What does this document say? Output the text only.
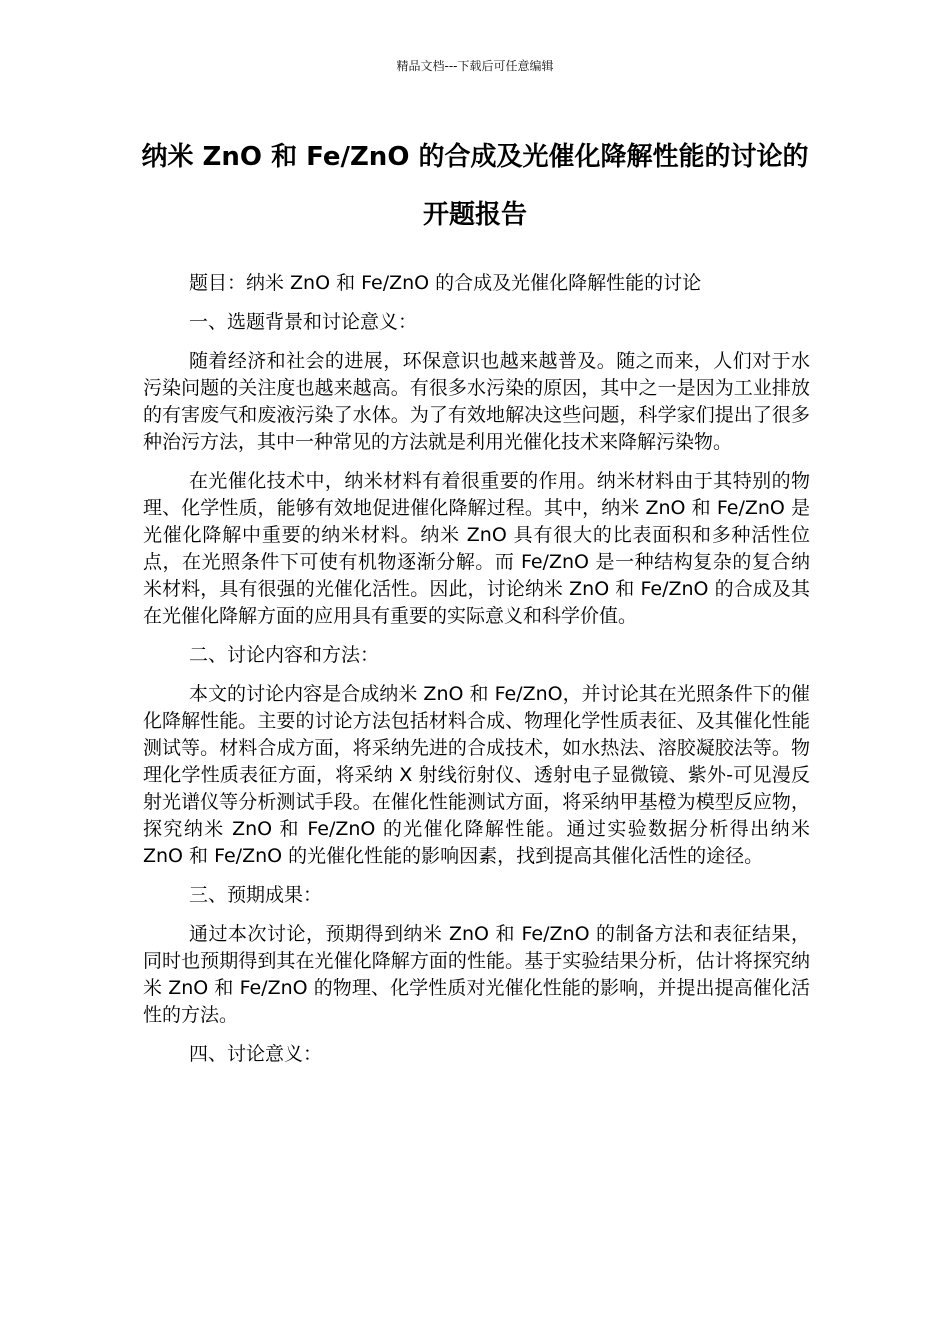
精品文档---下载后可任意编辑
纳米 ZnO 和 Fe/ZnO 的合成及光催化降解性能的讨论的开题报告
题目：纳米 ZnO 和 Fe/ZnO 的合成及光催化降解性能的讨论
一、选题背景和讨论意义：
随着经济和社会的进展，环保意识也越来越普及。随之而来，人们对于水污染问题的关注度也越来越高。有很多水污染的原因，其中之一是因为工业排放的有害废气和废液污染了水体。为了有效地解决这些问题，科学家们提出了很多种治污方法，其中一种常见的方法就是利用光催化技术来降解污染物。
在光催化技术中，纳米材料有着很重要的作用。纳米材料由于其特别的物理、化学性质，能够有效地促进催化降解过程。其中，纳米 ZnO 和 Fe/ZnO 是光催化降解中重要的纳米材料。纳米 ZnO 具有很大的比表面积和多种活性位点，在光照条件下可使有机物逐渐分解。而 Fe/ZnO 是一种结构复杂的复合纳米材料，具有很强的光催化活性。因此，讨论纳米 ZnO 和 Fe/ZnO 的合成及其在光催化降解方面的应用具有重要的实际意义和科学价值。
二、讨论内容和方法：
本文的讨论内容是合成纳米 ZnO 和 Fe/ZnO，并讨论其在光照条件下的催化降解性能。主要的讨论方法包括材料合成、物理化学性质表征、及其催化性能测试等。材料合成方面，将采纳先进的合成技术，如水热法、溶胶凝胶法等。物理化学性质表征方面，将采纳 X 射线衍射仪、透射电子显微镜、紫外-可见漫反射光谱仪等分析测试手段。在催化性能测试方面，将采纳甲基橙为模型反应物，探究纳米 ZnO 和 Fe/ZnO 的光催化降解性能。通过实验数据分析得出纳米 ZnO 和 Fe/ZnO 的光催化性能的影响因素，找到提高其催化活性的途径。
三、预期成果：
通过本次讨论，预期得到纳米 ZnO 和 Fe/ZnO 的制备方法和表征结果，同时也预期得到其在光催化降解方面的性能。基于实验结果分析，估计将探究纳米 ZnO 和 Fe/ZnO 的物理、化学性质对光催化性能的影响，并提出提高催化活性的方法。
四、讨论意义：
